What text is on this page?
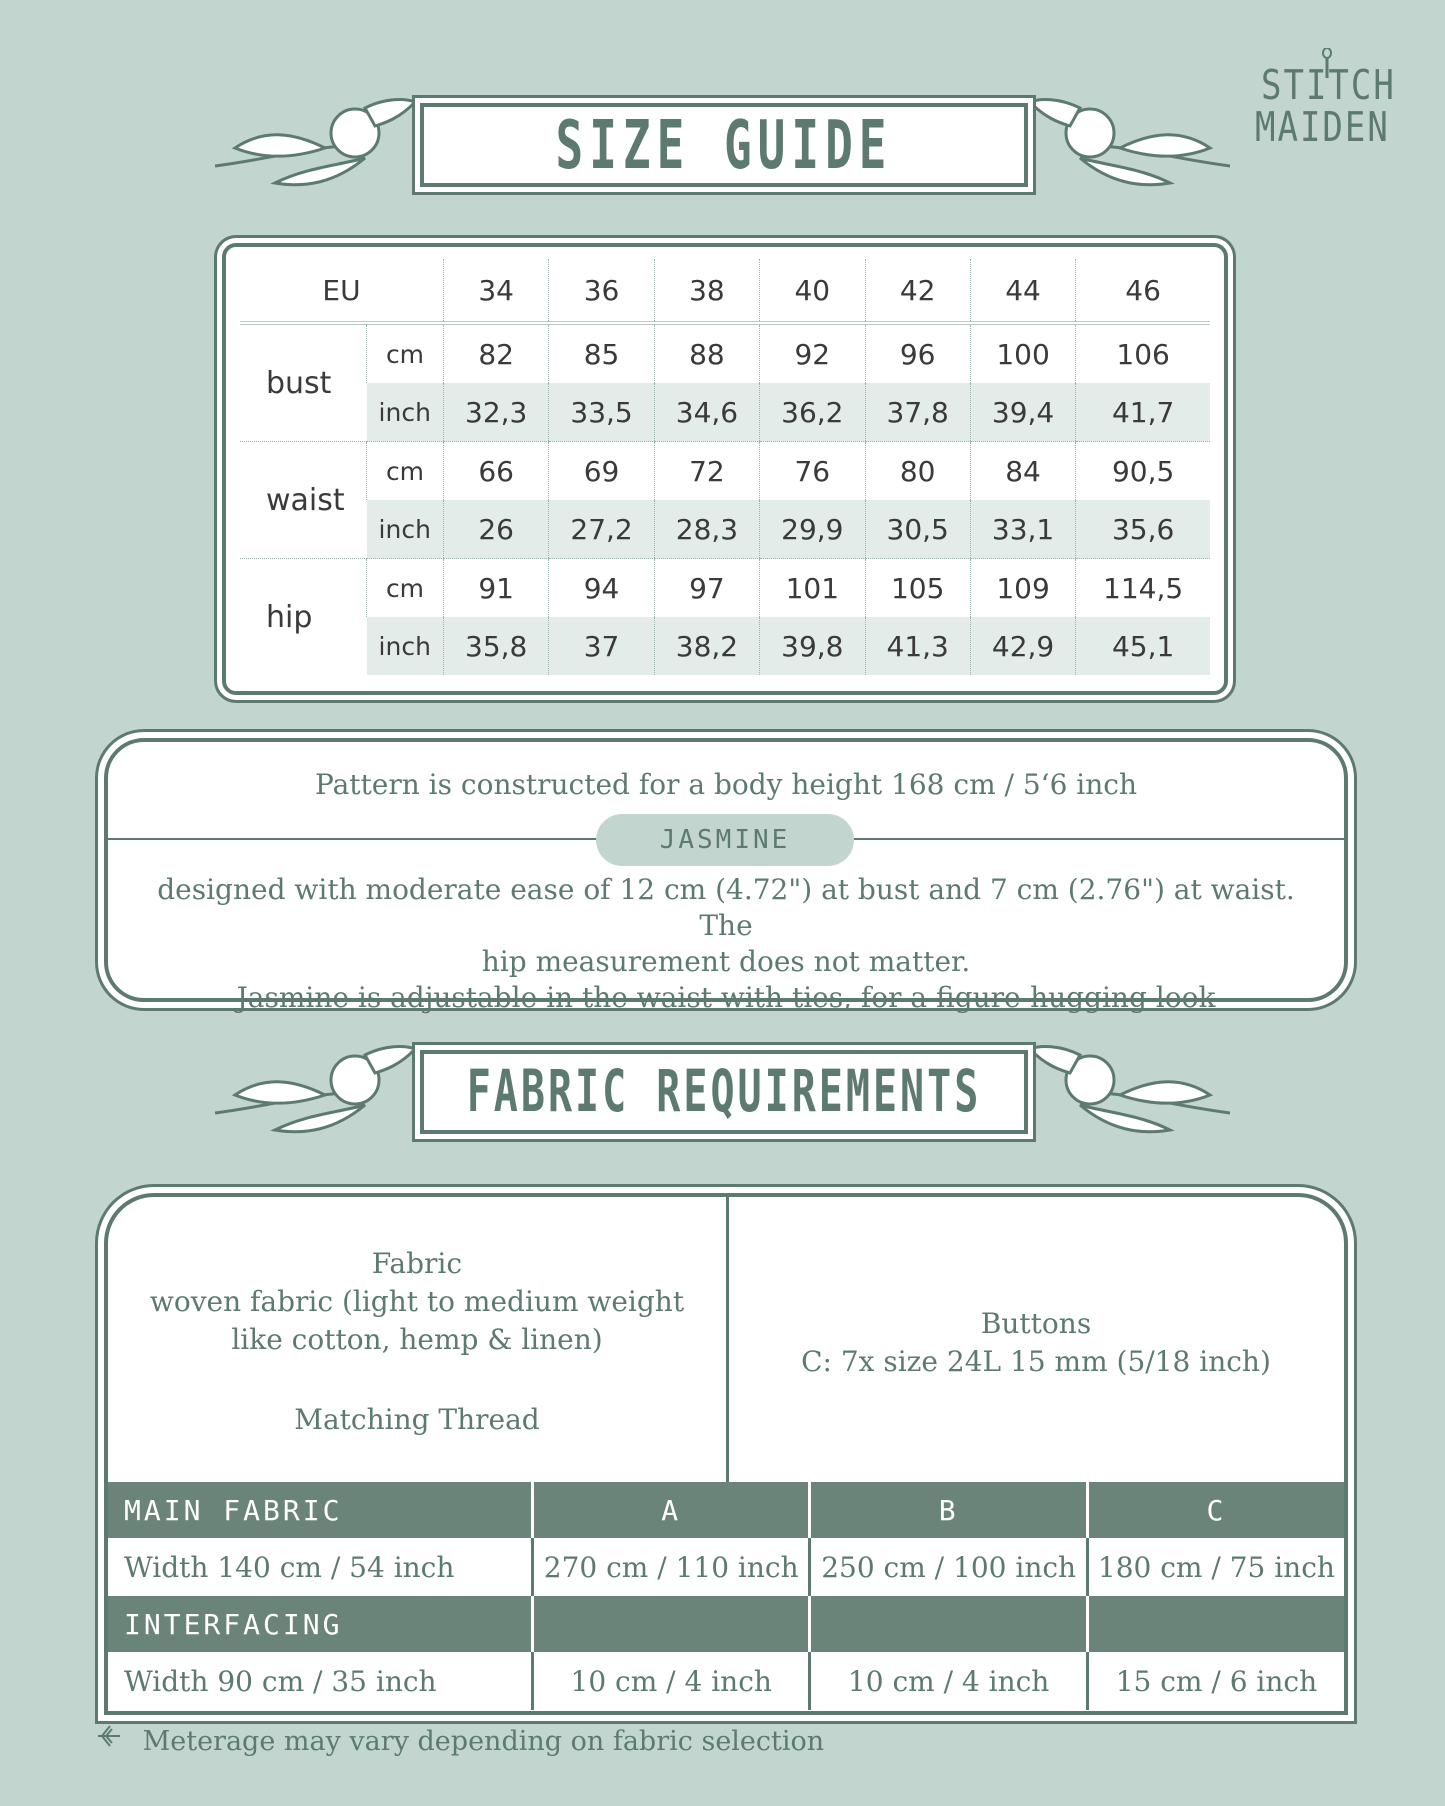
STITCH
MAIDEN
SIZE GUIDE
EU		34	36	38	40	42	44	46
bust	cm	82	85	88	92	96	100	106
	inch	32,3	33,5	34,6	36,2	37,8	39,4	41,7
waist	cm	66	69	72	76	80	84	90,5
	inch	26	27,2	28,3	29,9	30,5	33,1	35,6
hip	cm	91	94	97	101	105	109	114,5
	inch	35,8	37	38,2	39,8	41,3	42,9	45,1
Pattern is constructed for a body height 168 cm / 5‘6 inch
JASMINE
designed with moderate ease of 12 cm (4.72") at bust and 7 cm (2.76") at waist. The
hip measurement does not matter.
Jasmine is adjustable in the waist with ties, for a figure-hugging look
FABRIC REQUIREMENTS
Fabric
woven fabric (light to medium weight
like cotton, hemp & linen)
Matching Thread
Buttons
C: 7x size 24L 15 mm (5/18 inch)
MAIN FABRIC	A	B	C
Width 140 cm / 54 inch	270 cm / 110 inch	250 cm / 100 inch	180 cm / 75 inch
INTERFACING			
Width 90 cm / 35 inch	10 cm / 4 inch	10 cm / 4 inch	15 cm / 6 inch
Meterage may vary depending on fabric selection
